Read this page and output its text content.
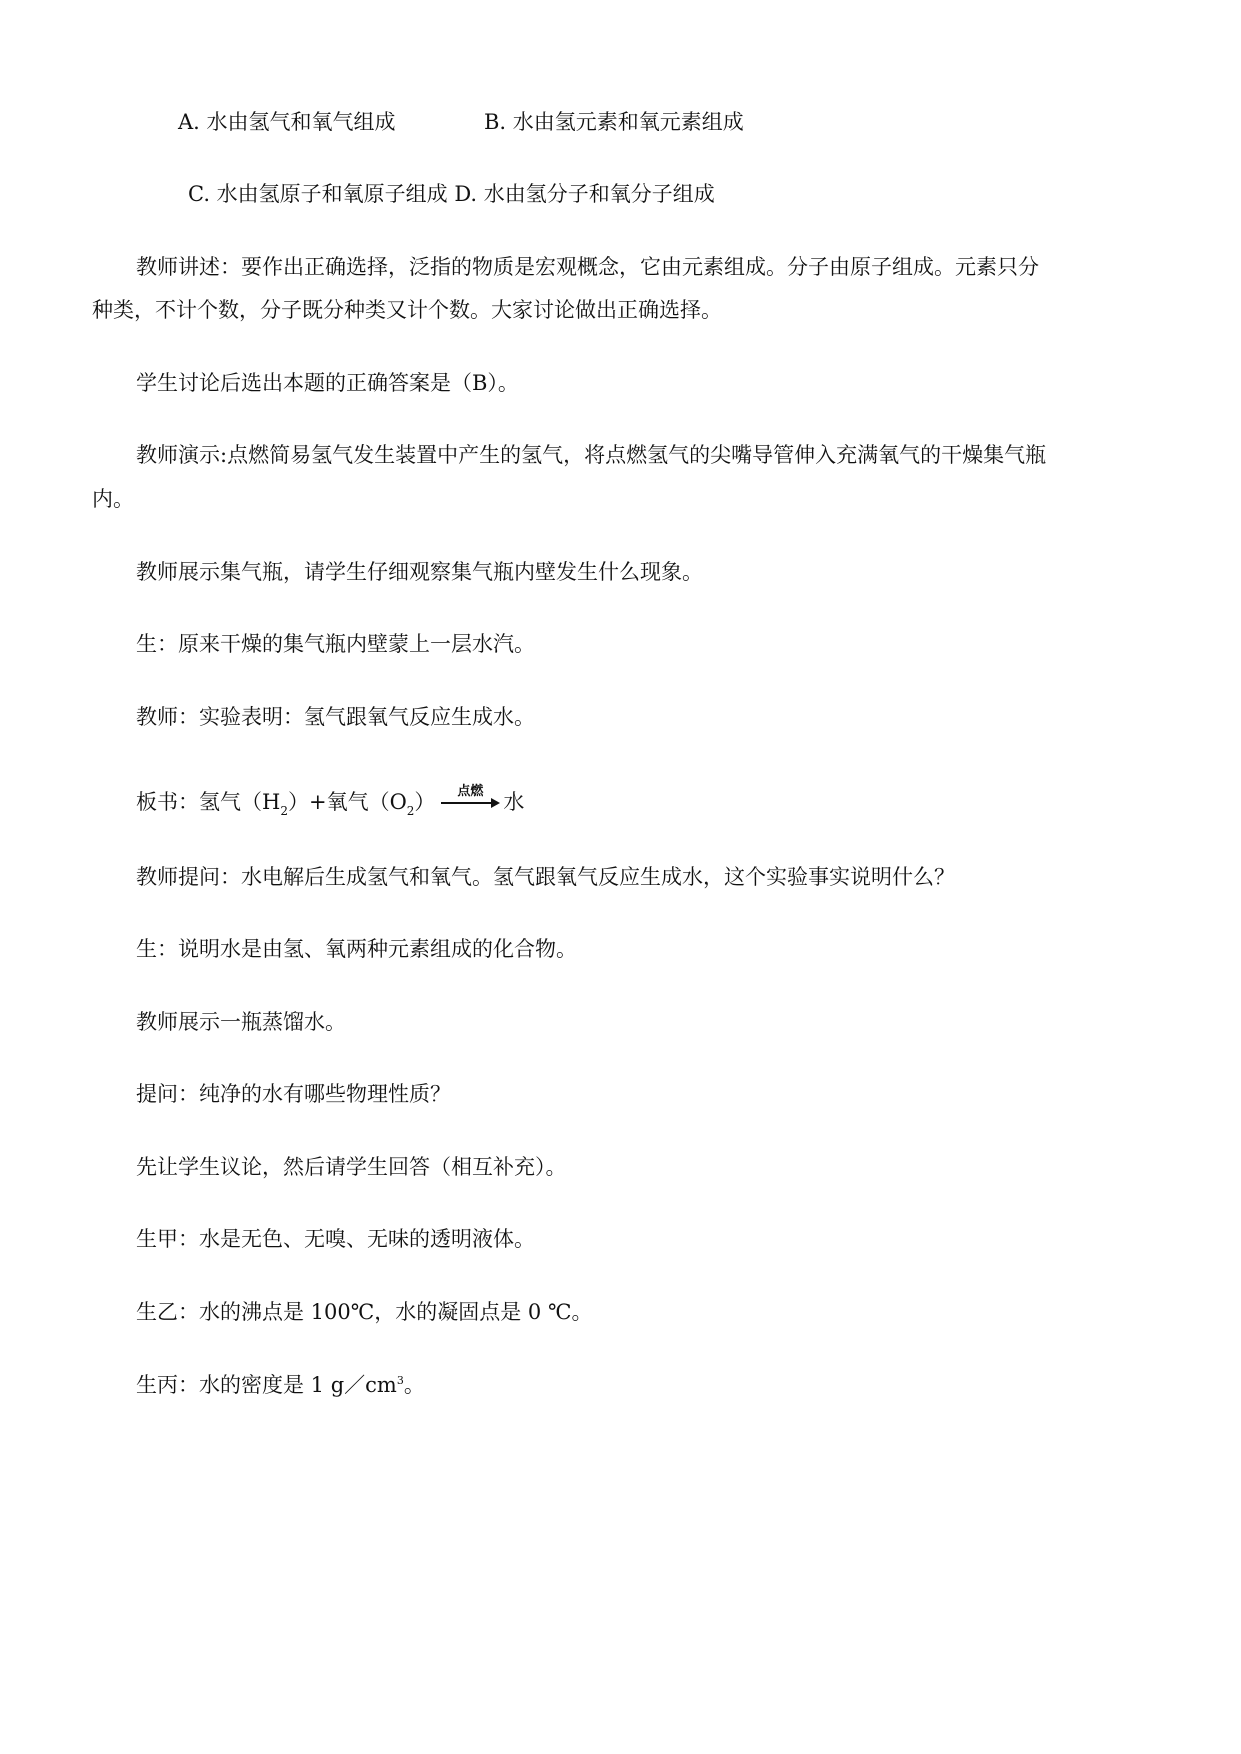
A. 水由氢气和氧气组成	B. 水由氢元素和氧元素组成
C. 水由氢原子和氧原子组成 D. 水由氢分子和氧分子组成
教师讲述：要作出正确选择，泛指的物质是宏观概念，它由元素组成。分子由原子组成。元素只分
种类，不计个数，分子既分种类又计个数。大家讨论做出正确选择。
学生讨论后选出本题的正确答案是（B）。
教师演示:点燃简易氢气发生装置中产生的氢气，将点燃氢气的尖嘴导管伸入充满氧气的干燥集气瓶
内。
教师展示集气瓶，请学生仔细观察集气瓶内壁发生什么现象。
生：原来干燥的集气瓶内壁蒙上一层水汽。
教师：实验表明：氢气跟氧气反应生成水。
板书：氢气$(H_2)+$氧气$(O_2)$ 点燃 水
教师提问：水电解后生成氢气和氧气。氢气跟氧气反应生成水，这个实验事实说明什么？
生：说明水是由氢、氧两种元素组成的化合物。
教师展示一瓶蒸馏水。
提问：纯净的水有哪些物理性质？
先让学生议论，然后请学生回答（相互补充）。
生甲：水是无色、无嗅、无味的透明液体。
生乙：水的沸点是 100℃，水的凝固点是 0 ℃。
生丙：水的密度是 1 $g/cm^3$。
